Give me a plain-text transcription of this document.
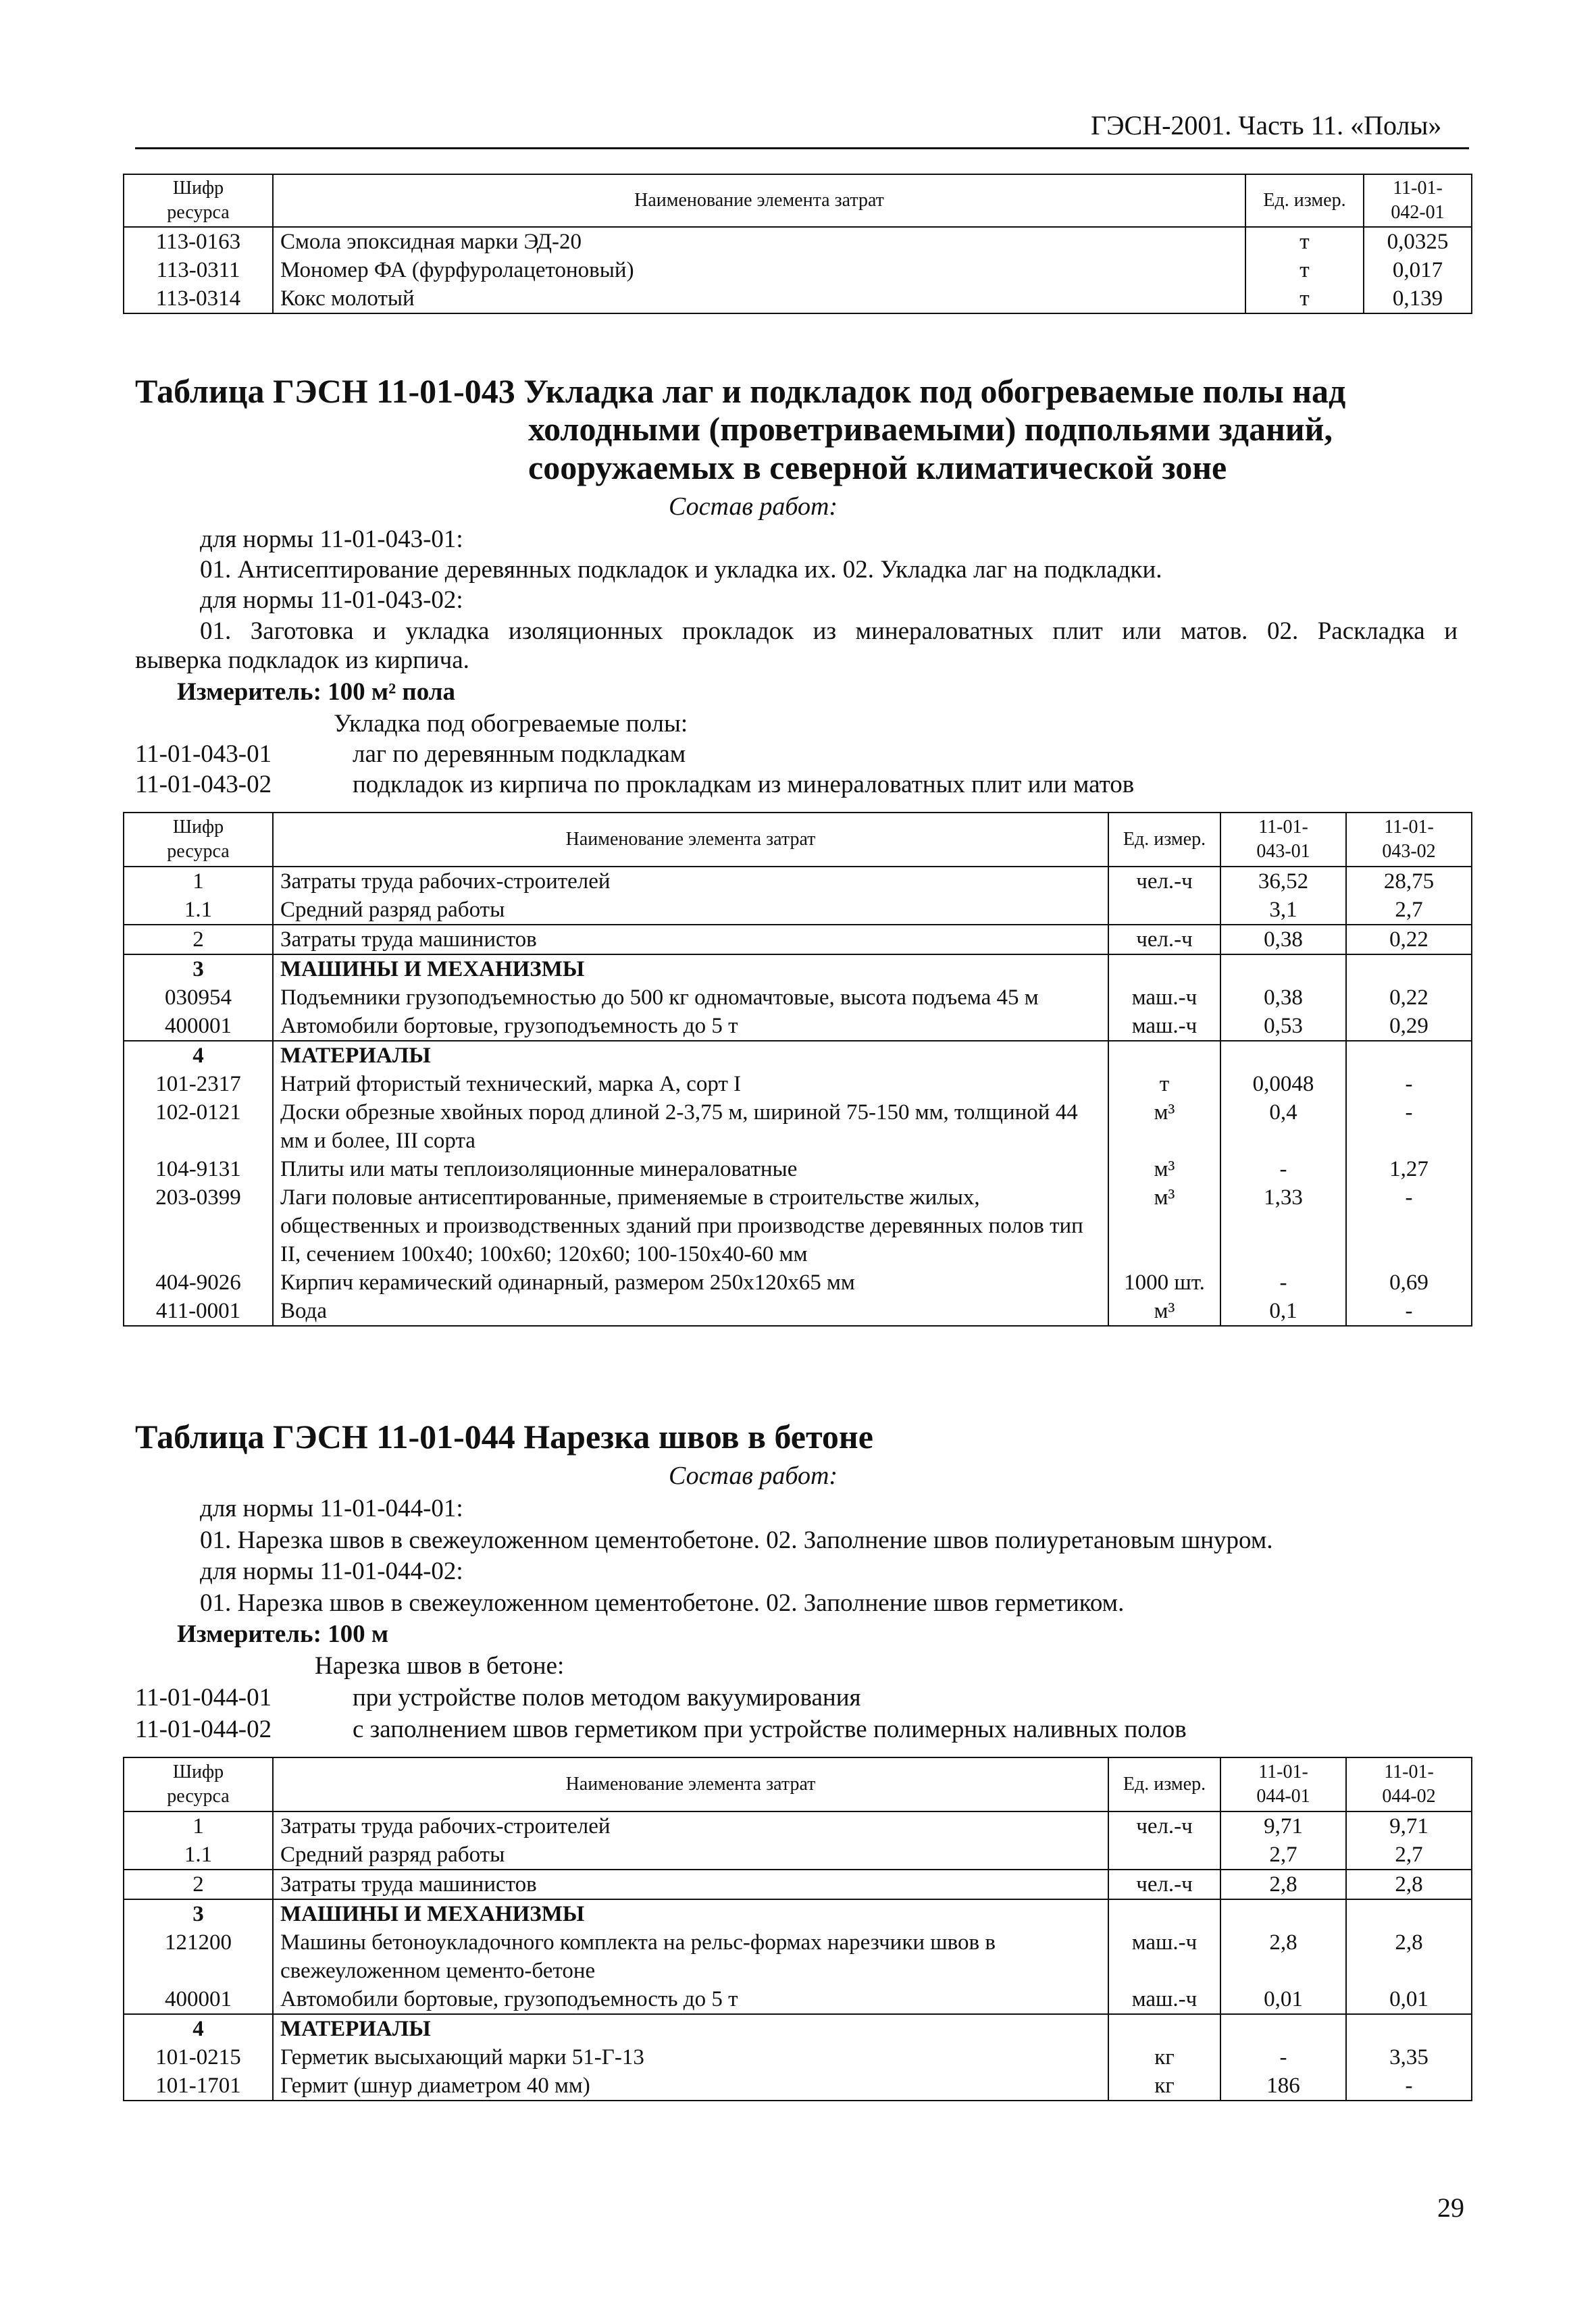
ГЭСН-2001. Часть 11. «Полы»
Шифр
ресурса	Наименование элемента затрат	Ед. измер.	11-01-
042-01
113-0163	Смола эпоксидная марки ЭД-20	т	0,0325
113-0311	Мономер ФА (фурфуролацетоновый)	т	0,017
113-0314	Кокс молотый	т	0,139
Таблица ГЭСН 11-01-043 Укладка лаг и подкладок под обогреваемые полы над
холодными (проветриваемыми) подпольями зданий,
сооружаемых в северной климатической зоне
Состав работ:
для нормы 11-01-043-01:
01. Антисептирование деревянных подкладок и укладка их. 02. Укладка лаг на подкладки.
для нормы 11-01-043-02:
01. Заготовка и укладка изоляционных прокладок из минераловатных плит или матов. 02. Раскладка и
выверка подкладок из кирпича.
Измеритель: 100 м² пола
Укладка под обогреваемые полы:
11-01-043-01	лаг по деревянным подкладкам
11-01-043-02	подкладок из кирпича по прокладкам из минераловатных плит или матов
Шифр
ресурса	Наименование элемента затрат	Ед. измер.	11-01-
043-01	11-01-
043-02
1	Затраты труда рабочих-строителей	чел.-ч	36,52	28,75
1.1	Средний разряд работы		3,1	2,7
2	Затраты труда машинистов	чел.-ч	0,38	0,22
3	МАШИНЫ И МЕХАНИЗМЫ			
030954	Подъемники грузоподъемностью до 500 кг одномачтовые, высота подъема 45 м	маш.-ч	0,38	0,22
400001	Автомобили бортовые, грузоподъемность до 5 т	маш.-ч	0,53	0,29
4	МАТЕРИАЛЫ			
101-2317	Натрий фтористый технический, марка А, сорт I	т	0,0048	-
102-0121	Доски обрезные хвойных пород длиной 2-3,75 м, шириной 75-150 мм, толщиной 44 мм и более, III сорта	м³	0,4	-
104-9131	Плиты или маты теплоизоляционные минераловатные	м³	-	1,27
203-0399	Лаги половые антисептированные, применяемые в строительстве жилых, общественных и производственных зданий при производстве деревянных полов тип II, сечением 100х40; 100х60; 120х60; 100-150х40-60 мм	м³	1,33	-
404-9026	Кирпич керамический одинарный, размером 250х120х65 мм	1000 шт.	-	0,69
411-0001	Вода	м³	0,1	-
Таблица ГЭСН 11-01-044 Нарезка швов в бетоне
Состав работ:
для нормы 11-01-044-01:
01. Нарезка швов в свежеуложенном цементобетоне. 02. Заполнение швов полиуретановым шнуром.
для нормы 11-01-044-02:
01. Нарезка швов в свежеуложенном цементобетоне. 02. Заполнение швов герметиком.
Измеритель: 100 м
Нарезка швов в бетоне:
11-01-044-01	при устройстве полов методом вакуумирования
11-01-044-02	с заполнением швов герметиком при устройстве полимерных наливных полов
Шифр
ресурса	Наименование элемента затрат	Ед. измер.	11-01-
044-01	11-01-
044-02
1	Затраты труда рабочих-строителей	чел.-ч	9,71	9,71
1.1	Средний разряд работы		2,7	2,7
2	Затраты труда машинистов	чел.-ч	2,8	2,8
3	МАШИНЫ И МЕХАНИЗМЫ			
121200	Машины бетоноукладочного комплекта на рельс-формах нарезчики швов в свежеуложенном цементо-бетоне	маш.-ч	2,8	2,8
400001	Автомобили бортовые, грузоподъемность до 5 т	маш.-ч	0,01	0,01
4	МАТЕРИАЛЫ			
101-0215	Герметик высыхающий марки 51-Г-13	кг	-	3,35
101-1701	Гермит (шнур диаметром 40 мм)	кг	186	-
29
